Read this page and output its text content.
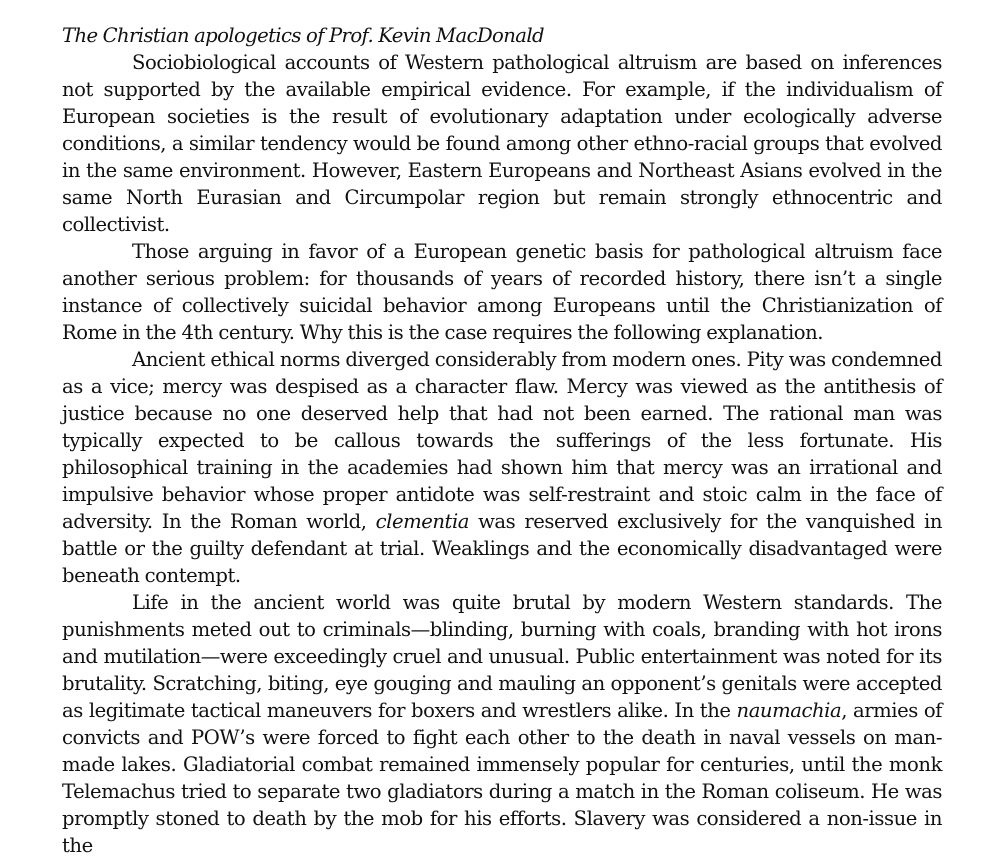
The Christian apologetics of Prof. Kevin MacDonald

Sociobiological accounts of Western pathological altruism are based on inferences not supported by the available empirical evidence. For example, if the individualism of European societies is the result of evolutionary adaptation under ecologically adverse conditions, a similar tendency would be found among other ethno-racial groups that evolved in the same environment. However, Eastern Europeans and Northeast Asians evolved in the same North Eurasian and Circumpolar region but remain strongly ethnocentric and collectivist.

Those arguing in favor of a European genetic basis for pathological altruism face another serious problem: for thousands of years of recorded history, there isn’t a single instance of collectively suicidal behavior among Europeans until the Christianization of Rome in the 4th century. Why this is the case requires the following explanation.

Ancient ethical norms diverged considerably from modern ones. Pity was condemned as a vice; mercy was despised as a character flaw. Mercy was viewed as the antithesis of justice because no one deserved help that had not been earned. The rational man was typically expected to be callous towards the sufferings of the less fortunate. His philosophical training in the academies had shown him that mercy was an irrational and impulsive behavior whose proper antidote was self-restraint and stoic calm in the face of adversity. In the Roman world, clementia was reserved exclusively for the vanquished in battle or the guilty defendant at trial. Weaklings and the economically disadvantaged were beneath contempt.

Life in the ancient world was quite brutal by modern Western standards. The punishments meted out to criminals—blinding, burning with coals, branding with hot irons and mutilation—were exceedingly cruel and unusual. Public entertainment was noted for its brutality. Scratching, biting, eye gouging and mauling an opponent’s genitals were accepted as legitimate tactical maneuvers for boxers and wrestlers alike. In the naumachia, armies of convicts and POW’s were forced to fight each other to the death in naval vessels on man-made lakes. Gladiatorial combat remained immensely popular for centuries, until the monk Telemachus tried to separate two gladiators during a match in the Roman coliseum. He was promptly stoned to death by the mob for his efforts. Slavery was considered a non-issue in the
